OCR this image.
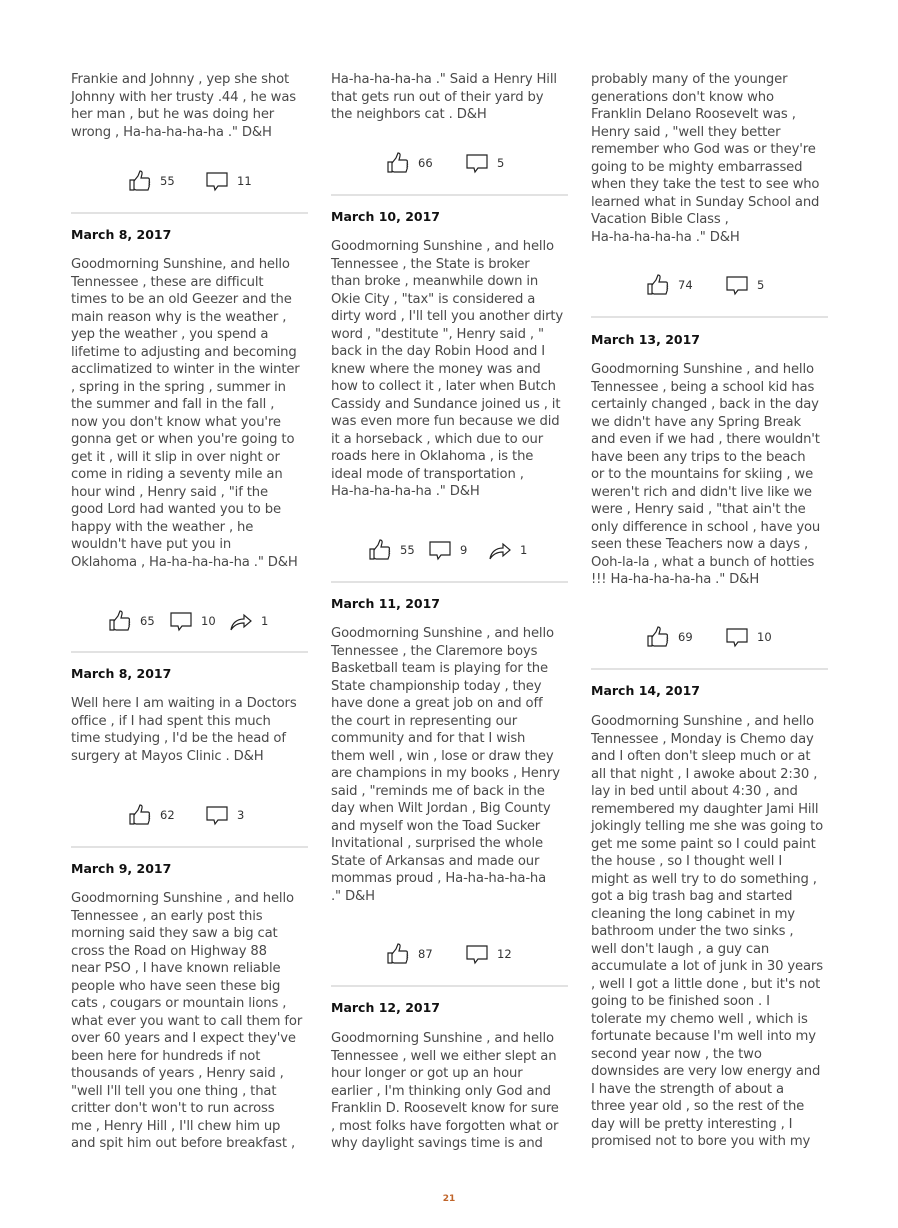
21
Frankie and Johnny , yep she shot
Johnny with her trusty .44 , he was
her man , but he was doing her
wrong , Ha-ha-ha-ha-ha ." D&H
55	11
March 8, 2017
Goodmorning Sunshine, and hello
Tennessee , these are difficult
times to be an old Geezer and the
main reason why is the weather ,
yep the weather , you spend a
lifetime to adjusting and becoming
acclimatized to winter in the winter
, spring in the spring , summer in
the summer and fall in the fall ,
now you don't know what you're
gonna get or when you're going to
get it , will it slip in over night or
come in riding a seventy mile an
hour wind , Henry said , "if the
good Lord had wanted you to be
happy with the weather , he
wouldn't have put you in
Oklahoma , Ha-ha-ha-ha-ha ." D&H
65	10	1
March 8, 2017
Well here I am waiting in a Doctors
office , if I had spent this much
time studying , I'd be the head of
surgery at Mayos Clinic . D&H
62	3
March 9, 2017
Goodmorning Sunshine , and hello
Tennessee , an early post this
morning said they saw a big cat
cross the Road on Highway 88
near PSO , I have known reliable
people who have seen these big
cats , cougars or mountain lions ,
what ever you want to call them for
over 60 years and I expect they've
been here for hundreds if not
thousands of years , Henry said ,
"well I'll tell you one thing , that
critter don't won't to run across
me , Henry Hill , I'll chew him up
and spit him out before breakfast ,
Ha-ha-ha-ha-ha ." Said a Henry Hill
that gets run out of their yard by
the neighbors cat . D&H
66	5
March 10, 2017
Goodmorning Sunshine , and hello
Tennessee , the State is broker
than broke , meanwhile down in
Okie City , "tax" is considered a
dirty word , I'll tell you another dirty
word , "destitute ", Henry said , "
back in the day Robin Hood and I
knew where the money was and
how to collect it , later when Butch
Cassidy and Sundance joined us , it
was even more fun because we did
it a horseback , which due to our
roads here in Oklahoma , is the
ideal mode of transportation ,
Ha-ha-ha-ha-ha ." D&H
55	9	1
March 11, 2017
Goodmorning Sunshine , and hello
Tennessee , the Claremore boys
Basketball team is playing for the
State championship today , they
have done a great job on and off
the court in representing our
community and for that I wish
them well , win , lose or draw they
are champions in my books , Henry
said , "reminds me of back in the
day when Wilt Jordan , Big County
and myself won the Toad Sucker
Invitational , surprised the whole
State of Arkansas and made our
mommas proud , Ha-ha-ha-ha-ha
." D&H
87	12
March 12, 2017
Goodmorning Sunshine , and hello
Tennessee , well we either slept an
hour longer or got up an hour
earlier , I'm thinking only God and
Franklin D. Roosevelt know for sure
, most folks have forgotten what or
why daylight savings time is and
probably many of the younger
generations don't know who
Franklin Delano Roosevelt was ,
Henry said , "well they better
remember who God was or they're
going to be mighty embarrassed
when they take the test to see who
learned what in Sunday School and
Vacation Bible Class ,
Ha-ha-ha-ha-ha ." D&H
74	5
March 13, 2017
Goodmorning Sunshine , and hello
Tennessee , being a school kid has
certainly changed , back in the day
we didn't have any Spring Break
and even if we had , there wouldn't
have been any trips to the beach
or to the mountains for skiing , we
weren't rich and didn't live like we
were , Henry said , "that ain't the
only difference in school , have you
seen these Teachers now a days ,
Ooh-la-la , what a bunch of hotties
!!! Ha-ha-ha-ha-ha ." D&H
69	10
March 14, 2017
Goodmorning Sunshine , and hello
Tennessee , Monday is Chemo day
and I often don't sleep much or at
all that night , I awoke about 2:30 ,
lay in bed until about 4:30 , and
remembered my daughter Jami Hill
jokingly telling me she was going to
get me some paint so I could paint
the house , so I thought well I
might as well try to do something ,
got a big trash bag and started
cleaning the long cabinet in my
bathroom under the two sinks ,
well don't laugh , a guy can
accumulate a lot of junk in 30 years
, well I got a little done , but it's not
going to be finished soon . I
tolerate my chemo well , which is
fortunate because I'm well into my
second year now , the two
downsides are very low energy and
I have the strength of about a
three year old , so the rest of the
day will be pretty interesting , I
promised not to bore you with my
